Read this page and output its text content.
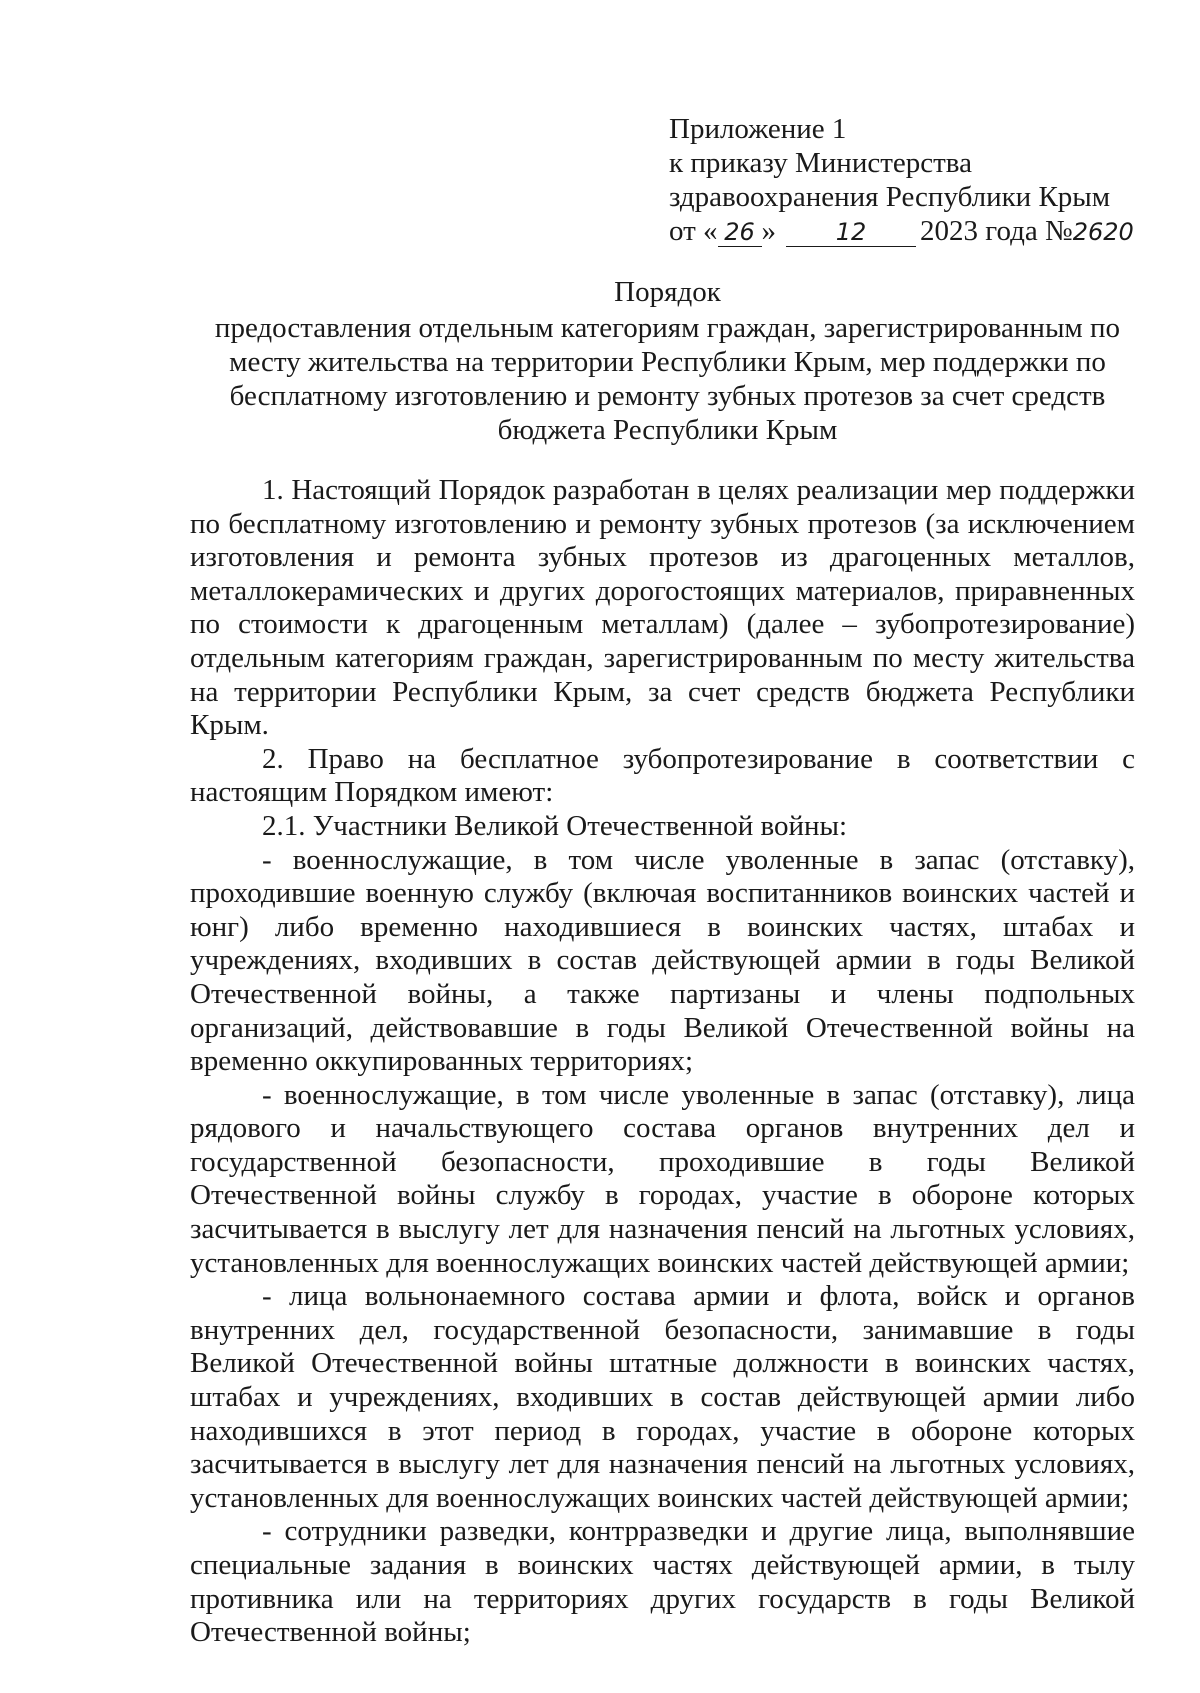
Приложение 1
к приказу Министерства
здравоохранения Республики Крым
от « 26 » 12 2023 года №2620
Порядок
предоставления отдельным категориям граждан, зарегистрированным по месту жительства на территории Республики Крым, мер поддержки по бесплатному изготовлению и ремонту зубных протезов за счет средств бюджета Республики Крым

1. Настоящий Порядок разработан в целях реализации мер поддержки по бесплатному изготовлению и ремонту зубных протезов (за исключением изготовления и ремонта зубных протезов из драгоценных металлов, металлокерамических и других дорогостоящих материалов, приравненных по стоимости к драгоценным металлам) (далее – зубопротезирование) отдельным категориям граждан, зарегистрированным по месту жительства на территории Республики Крым, за счет средств бюджета Республики Крым.

2. Право на бесплатное зубопротезирование в соответствии с настоящим Порядком имеют:

2.1. Участники Великой Отечественной войны:

- военнослужащие, в том числе уволенные в запас (отставку), проходившие военную службу (включая воспитанников воинских частей и юнг) либо временно находившиеся в воинских частях, штабах и учреждениях, входивших в состав действующей армии в годы Великой Отечественной войны, а также партизаны и члены подпольных организаций, действовавшие в годы Великой Отечественной войны на временно оккупированных территориях;

- военнослужащие, в том числе уволенные в запас (отставку), лица рядового и начальствующего состава органов внутренних дел и государственной безопасности, проходившие в годы Великой Отечественной войны службу в городах, участие в обороне которых засчитывается в выслугу лет для назначения пенсий на льготных условиях, установленных для военнослужащих воинских частей действующей армии;

- лица вольнонаемного состава армии и флота, войск и органов внутренних дел, государственной безопасности, занимавшие в годы Великой Отечественной войны штатные должности в воинских частях, штабах и учреждениях, входивших в состав действующей армии либо находившихся в этот период в городах, участие в обороне которых засчитывается в выслугу лет для назначения пенсий на льготных условиях, установленных для военнослужащих воинских частей действующей армии;

- сотрудники разведки, контрразведки и другие лица, выполнявшие специальные задания в воинских частях действующей армии, в тылу противника или на территориях других государств в годы Великой Отечественной войны;
